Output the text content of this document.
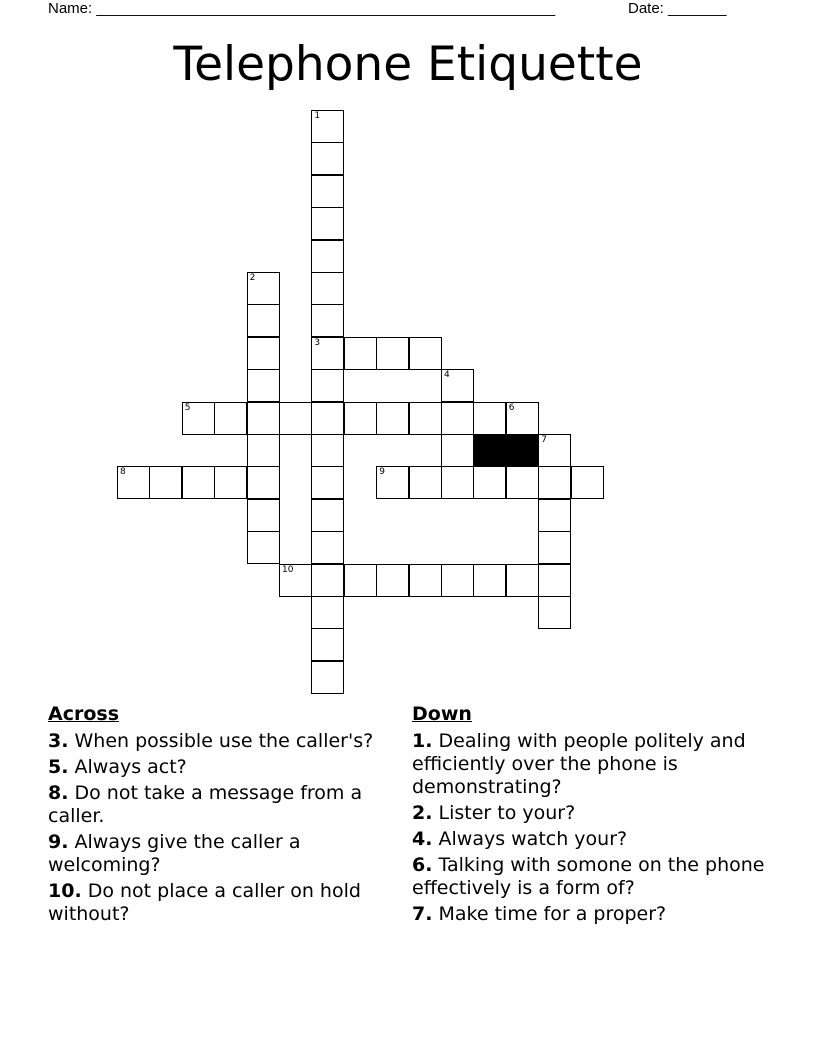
Name: _______________________________________________________	Date: _______
Telephone Etiquette
1
3
2
4
5	6
8	9
7
10
Across
3. When possible use the caller's?
5. Always act?
8. Do not take a message from a caller.
9. Always give the caller a welcoming?
10. Do not place a caller on hold without?
Down
1. Dealing with people politely and efficiently over the phone is demonstrating?
2. Lister to your?
4. Always watch your?
6. Talking with somone on the phone effectively is a form of?
7. Make time for a proper?
